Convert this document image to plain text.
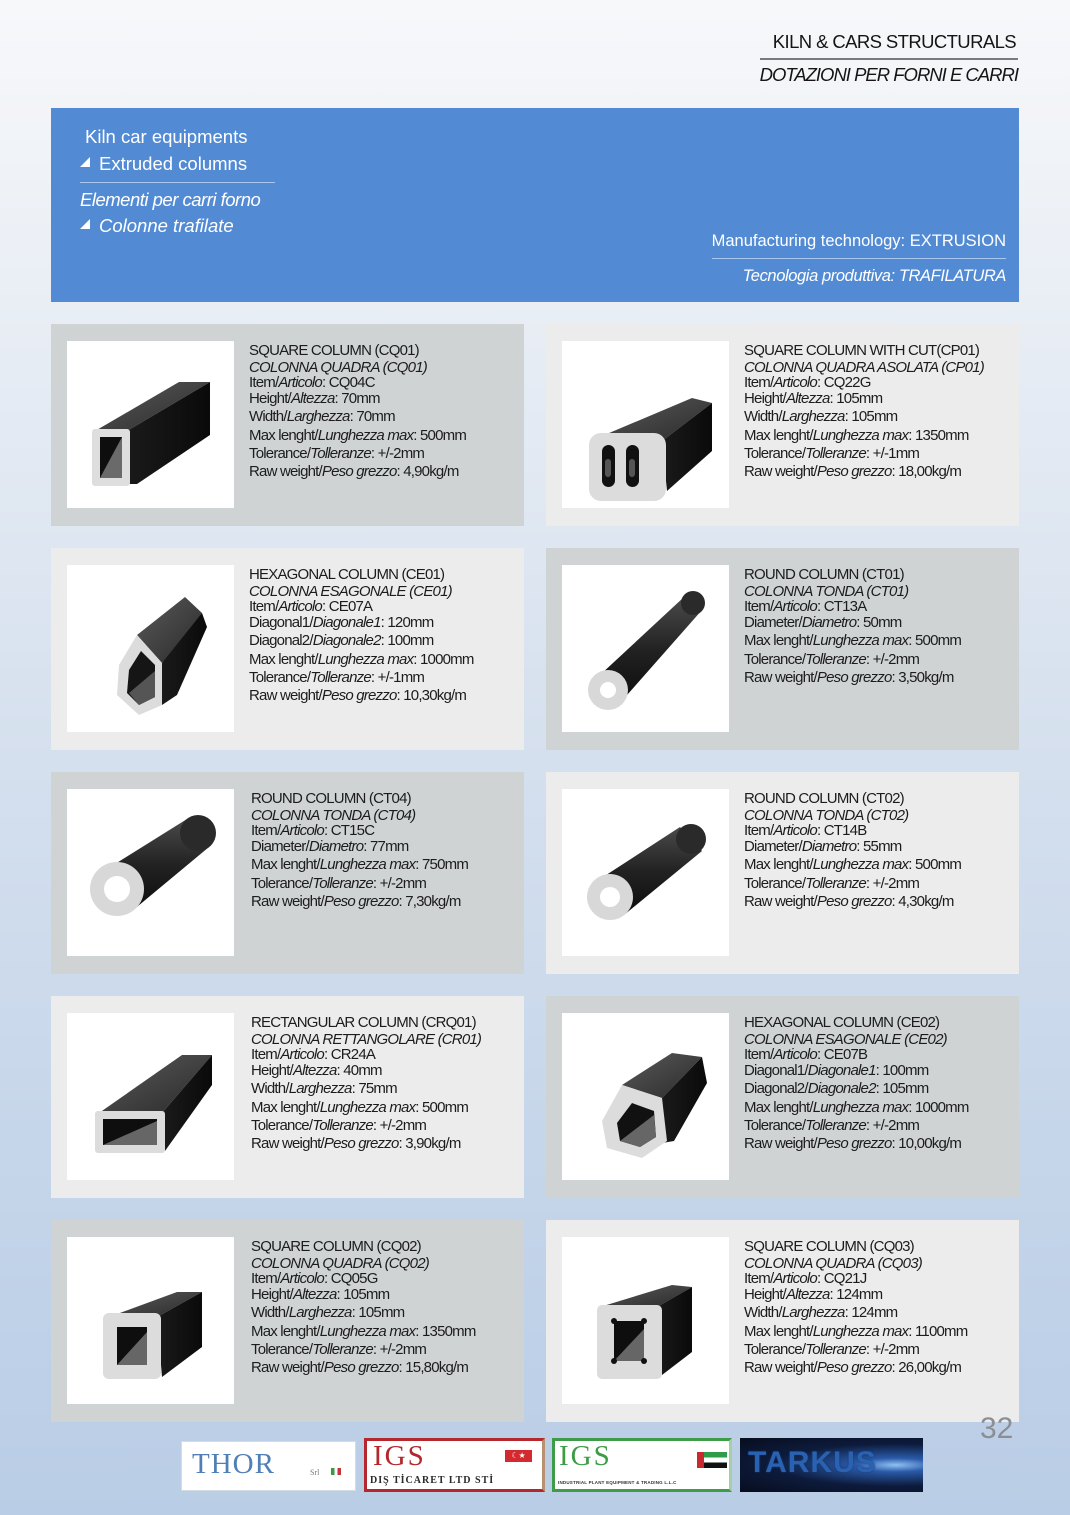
KILN & CARS STRUCTURALS
DOTAZIONI PER FORNI E CARRI
Kiln car equipments
Extruded columns
Elementi per carri forno
Colonne trafilate
Manufacturing technology: EXTRUSION
Tecnologia produttiva: TRAFILATURA
SQUARE COLUMN (CQ01)
COLONNA QUADRA (CQ01)
Item/Articolo: CQ04C
Height/Altezza: 70mm
Width/Larghezza: 70mm
Max lenght/Lunghezza max: 500mm
Tolerance/Tolleranze: +/-2mm
Raw weight/Peso grezzo: 4,90kg/m
SQUARE COLUMN WITH CUT(CP01)
COLONNA QUADRA ASOLATA (CP01)
Item/Articolo: CQ22G
Height/Altezza: 105mm
Width/Larghezza: 105mm
Max lenght/Lunghezza max: 1350mm
Tolerance/Tolleranze: +/-1mm
Raw weight/Peso grezzo: 18,00kg/m
HEXAGONAL COLUMN (CE01)
COLONNA ESAGONALE (CE01)
Item/Articolo: CE07A
Diagonal1/Diagonale1: 120mm
Diagonal2/Diagonale2: 100mm
Max lenght/Lunghezza max: 1000mm
Tolerance/Tolleranze: +/-1mm
Raw weight/Peso grezzo: 10,30kg/m
ROUND COLUMN (CT01)
COLONNA TONDA (CT01)
Item/Articolo: CT13A
Diameter/Diametro: 50mm
Max lenght/Lunghezza max: 500mm
Tolerance/Tolleranze: +/-2mm
Raw weight/Peso grezzo: 3,50kg/m
ROUND COLUMN (CT04)
COLONNA TONDA (CT04)
Item/Articolo: CT15C
Diameter/Diametro: 77mm
Max lenght/Lunghezza max: 750mm
Tolerance/Tolleranze: +/-2mm
Raw weight/Peso grezzo: 7,30kg/m
ROUND COLUMN (CT02)
COLONNA TONDA (CT02)
Item/Articolo: CT14B
Diameter/Diametro: 55mm
Max lenght/Lunghezza max: 500mm
Tolerance/Tolleranze: +/-2mm
Raw weight/Peso grezzo: 4,30kg/m
RECTANGULAR COLUMN (CRQ01)
COLONNA RETTANGOLARE (CR01)
Item/Articolo: CR24A
Height/Altezza: 40mm
Width/Larghezza: 75mm
Max lenght/Lunghezza max: 500mm
Tolerance/Tolleranze: +/-2mm
Raw weight/Peso grezzo: 3,90kg/m
HEXAGONAL COLUMN (CE02)
COLONNA ESAGONALE (CE02)
Item/Articolo: CE07B
Diagonal1/Diagonale1: 100mm
Diagonal2/Diagonale2: 105mm
Max lenght/Lunghezza max: 1000mm
Tolerance/Tolleranze: +/-2mm
Raw weight/Peso grezzo: 10,00kg/m
SQUARE COLUMN (CQ02)
COLONNA QUADRA (CQ02)
Item/Articolo: CQ05G
Height/Altezza: 105mm
Width/Larghezza: 105mm
Max lenght/Lunghezza max: 1350mm
Tolerance/Tolleranze: +/-2mm
Raw weight/Peso grezzo: 15,80kg/m
SQUARE COLUMN (CQ03)
COLONNA QUADRA (CQ03)
Item/Articolo: CQ21J
Height/Altezza: 124mm
Width/Larghezza: 124mm
Max lenght/Lunghezza max: 1100mm
Tolerance/Tolleranze: +/-2mm
Raw weight/Peso grezzo: 26,00kg/m
32
THOR	Srl
IGS	☾★
DIŞ TİCARET LTD STİ
IGS
INDUSTRIAL PLANT EQUIPMENT & TRADING L.L.C
TARKUS
